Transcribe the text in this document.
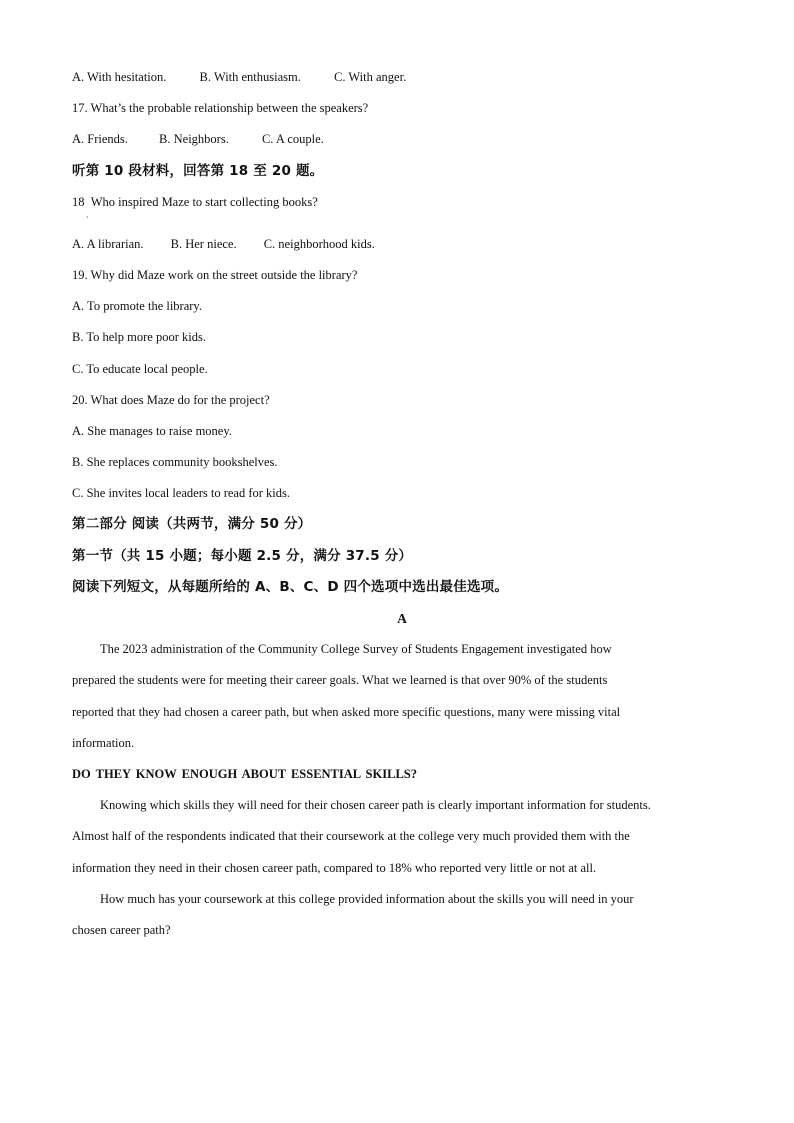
A. With hesitation.	B. With enthusiasm.	C. With anger.
17. What’s the probable relationship between the speakers?
A. Friends. B. Neighbors.	C. A couple.
听第 10 段材料，回答第 18 至 20 题。
18 Who inspired Maze to start collecting books?
·
A. A librarian. B. Her niece. C. neighborhood kids.
19. Why did Maze work on the street outside the library?
A. To promote the library.
B. To help more poor kids.
C. To educate local people.
20. What does Maze do for the project?
A. She manages to raise money.
B. She replaces community bookshelves.
C. She invites local leaders to read for kids.
第二部分 阅读（共两节，满分 50 分）
第一节（共 15 小题；每小题 2.5 分，满分 37.5 分）
阅读下列短文，从每题所给的 A、B、C、D 四个选项中选出最佳选项。
A

The 2023 administration of the Community College Survey of Students Engagement investigated how
prepared the students were for meeting their career goals. What we learned is that over 90% of the students
reported that they had chosen a career path, but when asked more specific questions, many were missing vital
information.

DO THEY KNOW ENOUGH ABOUT ESSENTIAL SKILLS?

Knowing which skills they will need for their chosen career path is clearly important information for students.
Almost half of the respondents indicated that their coursework at the college very much provided them with the
information they need in their chosen career path, compared to 18% who reported very little or not at all.

How much has your coursework at this college provided information about the skills you will need in your
chosen career path?
